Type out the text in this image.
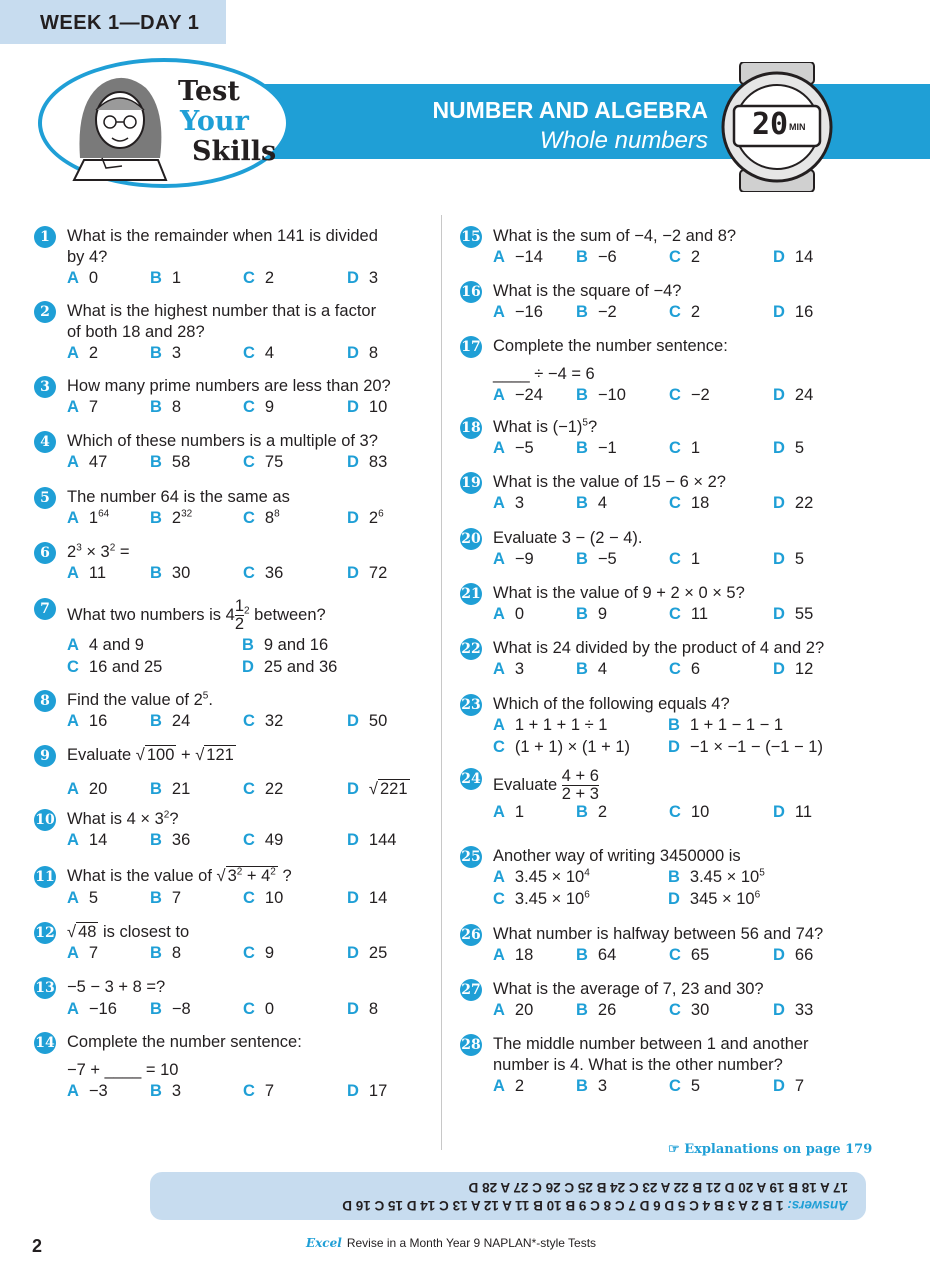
WEEK 1—DAY 1
NUMBER AND ALGEBRA
Whole numbers
Test
Your
Skills
20 MIN
1	What is the remainder when 141 is divided
by 4?
A 0	B 1	C 2	D 3
2	What is the highest number that is a factor
of both 18 and 28?
A 2	B 3	C 4	D 8
3	How many prime numbers are less than 20?
A 7	B 8	C 9	D 10
4	Which of these numbers is a multiple of 3?
A 47	B 58	C 75	D 83
5	The number 64 is the same as
A $1^{64}$ B $2^{32}$	C $8^8$	D $2^6$
6	$2^3 \times 3^2$ =
A 11	B 30	C 36	D 72
7	What two numbers is $4 \frac{1}{2} ^2$ between?
A 4 and 9	B 9 and 16
C 16 and 25	D 25 and 36
8	Find the value of $2^5$.
A 16	B 24	C 32	D 50
9	Evaluate √ 100 + √ 121
A 20	B 21	C 22	D √ 221
10 What is $4 \times 3^2$?
A 14	B 36	C 49	D 144
11 What is the value of √ $3^2 + 4^2$ ?
A 5	B 7	C 10	D 14
12 √ 48 is closest to
A 7	B 8	C 9	D 25
13 −5 − 3 + 8 =?
A −16 B −8	C 0	D 8
14 Complete the number sentence:
−7 + ____ = 10
A −3	B 3	C 7	D 17
15 What is the sum of −4, −2 and 8?
A −14 B −6	C 2	D 14
16 What is the square of −4?
A −16 B −2	C 2	D 16
17 Complete the number sentence:
____ ÷ −4 = 6
A −24 B −10	C −2	D 24
18 What is $(-1)^5$?
A −5	B −1	C 1	D 5
19 What is the value of 15 − 6 × 2?
A 3	B 4	C 18	D 22
20 Evaluate 3 − (2 − 4).
A −9	B −5	C 1	D 5
21 What is the value of 9 + 2 × 0 × 5?
A 0	B 9	C 11	D 55
22 What is 24 divided by the product of 4 and 2?
A 3	B 4	C 6	D 12
23 Which of the following equals 4?
A 1 + 1 + 1 ÷ 1	B 1 + 1 − 1 − 1
C (1 + 1) × (1 + 1) D −1 × −1 − (−1 − 1)
24 Evaluate $\frac{4 + 6}{2 + 3}$
A 1	B 2	C 10	D 11
25 Another way of writing 3450000 is
A $3.45 \times 10^4$	B $3.45 \times 10^5$
C $3.45 \times 10^6$	D $345 \times 10^6$
26 What number is halfway between 56 and 74?
A 18	B 64	C 65	D 66
27 What is the average of 7, 23 and 30?
A 20	B 26	C 30	D 33
28 The middle number between 1 and another
number is 4. What is the other number?
A 2	B 3	C 5	D 7
☞ Explanations on page 179
Answers: 1 B 2 A 3 B 4 C 5 D 6 D 7 C 8 C 9 B 10 B 11 A 12 A 13 C 14 D 15 C 16 D
17 A 18 B 19 A 20 D 21 B 22 A 23 C 24 B 25 C 26 C 27 A 28 D
2	Excel Revise in a Month Year 9 NAPLAN*-style Tests
